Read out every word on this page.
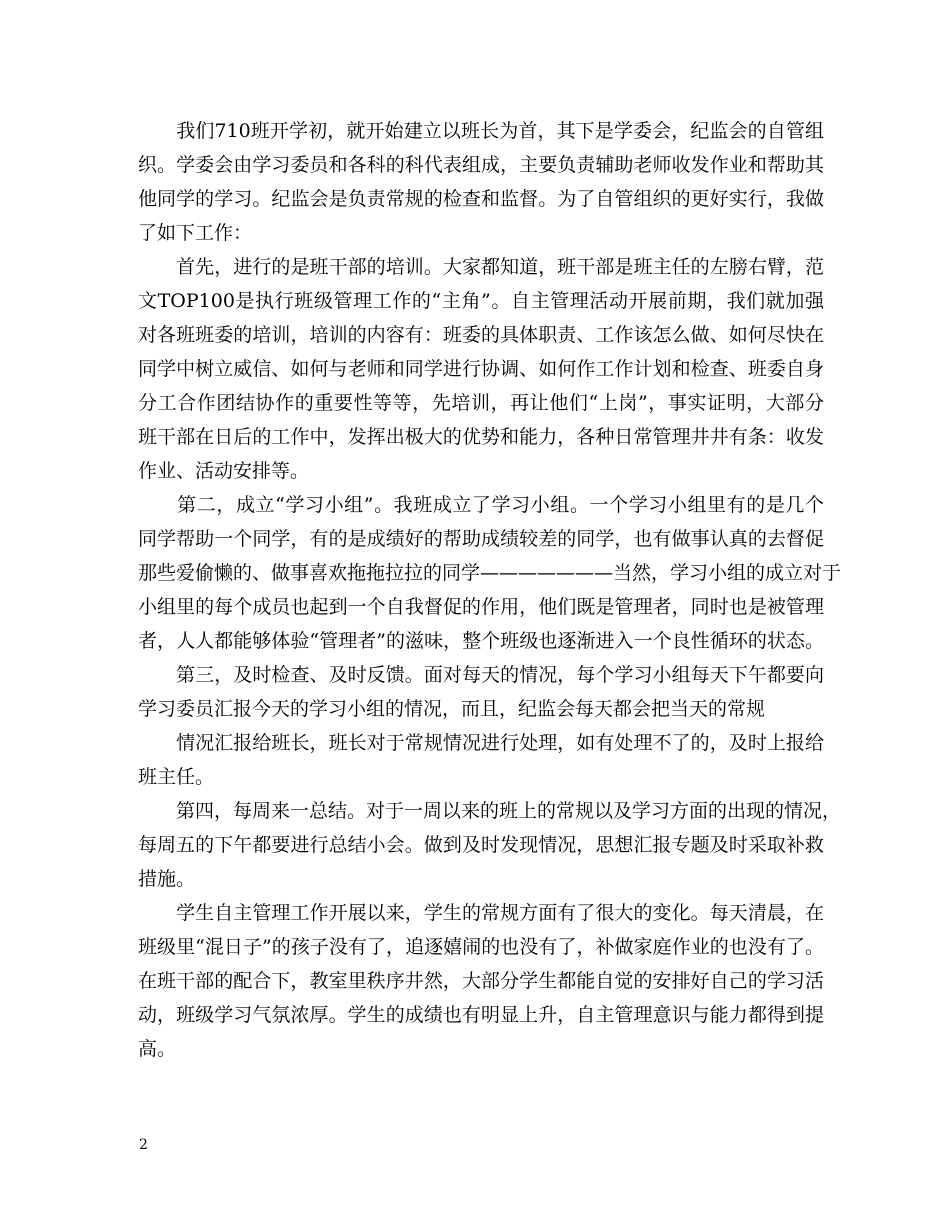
　　我们710班开学初，就开始建立以班长为首，其下是学委会，纪监会的自管组
织。学委会由学习委员和各科的科代表组成，主要负责辅助老师收发作业和帮助其
他同学的学习。纪监会是负责常规的检查和监督。为了自管组织的更好实行，我做
了如下工作：
　　首先，进行的是班干部的培训。大家都知道，班干部是班主任的左膀右臂，范
文TOP100是执行班级管理工作的“主角”。自主管理活动开展前期，我们就加强
对各班班委的培训，培训的内容有：班委的具体职责、工作该怎么做、如何尽快在
同学中树立威信、如何与老师和同学进行协调、如何作工作计划和检查、班委自身
分工合作团结协作的重要性等等，先培训，再让他们“上岗”，事实证明，大部分
班干部在日后的工作中，发挥出极大的优势和能力，各种日常管理井井有条：收发
作业、活动安排等。
　　第二，成立“学习小组”。我班成立了学习小组。一个学习小组里有的是几个
同学帮助一个同学，有的是成绩好的帮助成绩较差的同学，也有做事认真的去督促
那些爱偷懒的、做事喜欢拖拖拉拉的同学———————当然，学习小组的成立对于
小组里的每个成员也起到一个自我督促的作用，他们既是管理者，同时也是被管理
者，人人都能够体验“管理者”的滋味，整个班级也逐渐进入一个良性循环的状态。
　　第三，及时检查、及时反馈。面对每天的情况，每个学习小组每天下午都要向
学习委员汇报今天的学习小组的情况，而且，纪监会每天都会把当天的常规
　　情况汇报给班长，班长对于常规情况进行处理，如有处理不了的，及时上报给
班主任。
　　第四，每周来一总结。对于一周以来的班上的常规以及学习方面的出现的情况，
每周五的下午都要进行总结小会。做到及时发现情况，思想汇报专题及时采取补救
措施。
　　学生自主管理工作开展以来，学生的常规方面有了很大的变化。每天清晨，在
班级里“混日子”的孩子没有了，追逐嬉闹的也没有了，补做家庭作业的也没有了。
在班干部的配合下，教室里秩序井然，大部分学生都能自觉的安排好自己的学习活
动，班级学习气氛浓厚。学生的成绩也有明显上升，自主管理意识与能力都得到提
高。
2
